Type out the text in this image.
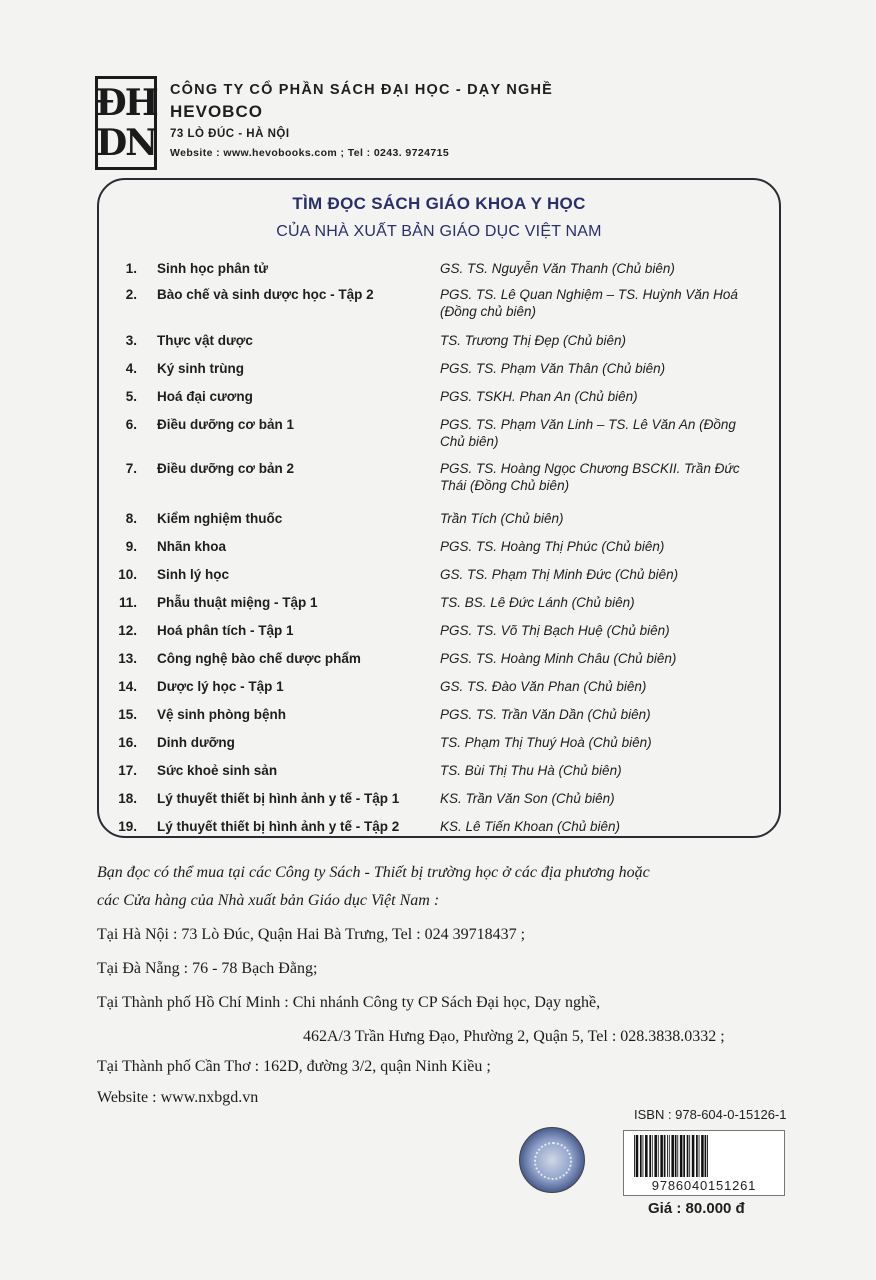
ĐH
DN
CÔNG TY CỔ PHẦN SÁCH ĐẠI HỌC - DẠY NGHỀ
HEVOBCO
73 LÒ ĐÚC - HÀ NỘI
Website : www.hevobooks.com ; Tel : 0243. 9724715
TÌM ĐỌC SÁCH GIÁO KHOA Y HỌC
CỦA NHÀ XUẤT BẢN GIÁO DỤC VIỆT NAM
1. Sinh học phân tử	GS. TS. Nguyễn Văn Thanh (Chủ biên)
2. Bào chế và sinh dược học - Tập 2	PGS. TS. Lê Quan Nghiệm – TS. Huỳnh Văn Hoá (Đồng chủ biên)
3. Thực vật dược	TS. Trương Thị Đẹp (Chủ biên)
4. Ký sinh trùng	PGS. TS. Phạm Văn Thân (Chủ biên)
5. Hoá đại cương	PGS. TSKH. Phan An (Chủ biên)
6. Điều dưỡng cơ bản 1	PGS. TS. Phạm Văn Linh – TS. Lê Văn An (Đồng Chủ biên)
7. Điều dưỡng cơ bản 2	PGS. TS. Hoàng Ngọc Chương BSCKII. Trần Đức Thái (Đồng Chủ biên)
8. Kiểm nghiệm thuốc	Trần Tích (Chủ biên)
9. Nhãn khoa	PGS. TS. Hoàng Thị Phúc (Chủ biên)
10. Sinh lý học	GS. TS. Phạm Thị Minh Đức (Chủ biên)
11. Phẫu thuật miệng - Tập 1	TS. BS. Lê Đức Lánh (Chủ biên)
12. Hoá phân tích - Tập 1	PGS. TS. Võ Thị Bạch Huệ (Chủ biên)
13. Công nghệ bào chế dược phẩm	PGS. TS. Hoàng Minh Châu (Chủ biên)
14. Dược lý học - Tập 1	GS. TS. Đào Văn Phan (Chủ biên)
15. Vệ sinh phòng bệnh	PGS. TS. Trần Văn Dần (Chủ biên)
16. Dinh dưỡng	TS. Phạm Thị Thuý Hoà (Chủ biên)
17. Sức khoẻ sinh sản	TS. Bùi Thị Thu Hà (Chủ biên)
18. Lý thuyết thiết bị hình ảnh y tế - Tập 1	KS. Trần Văn Son (Chủ biên)
19. Lý thuyết thiết bị hình ảnh y tế - Tập 2	KS. Lê Tiến Khoan (Chủ biên)
Bạn đọc có thể mua tại các Công ty Sách - Thiết bị trường học ở các địa phương hoặc
các Cửa hàng của Nhà xuất bản Giáo dục Việt Nam :
Tại Hà Nội : 73 Lò Đúc, Quận Hai Bà Trưng, Tel : 024 39718437 ;
Tại Đà Nẵng : 76 - 78 Bạch Đằng;
Tại Thành phố Hồ Chí Minh : Chi nhánh Công ty CP Sách Đại học, Dạy nghề,
462A/3 Trần Hưng Đạo, Phường 2, Quận 5, Tel : 028.3838.0332 ;
Tại Thành phố Cần Thơ : 162D, đường 3/2, quận Ninh Kiều ;
Website : www.nxbgd.vn
ISBN : 978-604-0-15126-1
9786040151261
Giá : 80.000 đ
